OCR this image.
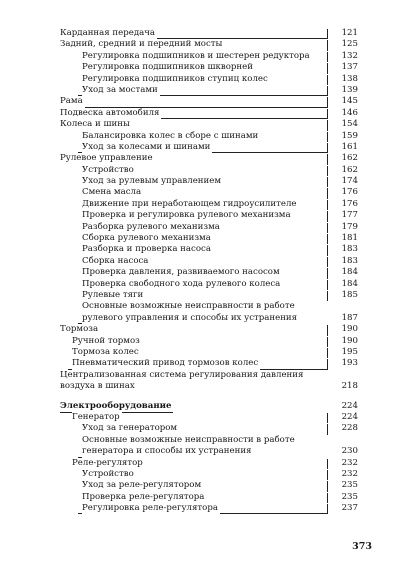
Карданная передача	121
Задний, средний и передний мосты	125
Регулировка подшипников и шестерен редуктора	132
Регулировка подшипников шкворней	137
Регулировка подшипников ступиц колес	138
Уход за мостами	139
Рама	145
Подвеска автомобиля	146
Колеса и шины	154
Балансировка колес в сборе с шинами	159
Уход за колесами и шинами	161
Рулевое управление	162
Устройство	162
Уход за рулевым управлением	174
Смена масла	176
Движение при неработающем гидроусилителе	176
Проверка и регулировка рулевого механизма	177
Разборка рулевого механизма	179
Сборка рулевого механизма	181
Разборка и проверка насоса	183
Сборка насоса	183
Проверка давления, развиваемого насосом	184
Проверка свободного хода рулевого колеса	184
Рулевые тяги	185
Основные возможные неисправности в работе рулевого управления и способы их устранения	187
Тормоза	190
Ручной тормоз	190
Тормоза колес	195
Пневматический привод тормозов колес	193
Централизованная система регулирования давления воздуха в шинах	218
Электрооборудование	224
Генератор	224
Уход за генератором	228
Основные возможные неисправности в работе генератора и способы их устранения	230
Реле-регулятор	232
Устройство	232
Уход за реле-регулятором	235
Проверка реле-регулятора	235
Регулировка реле-регулятора	237
373
